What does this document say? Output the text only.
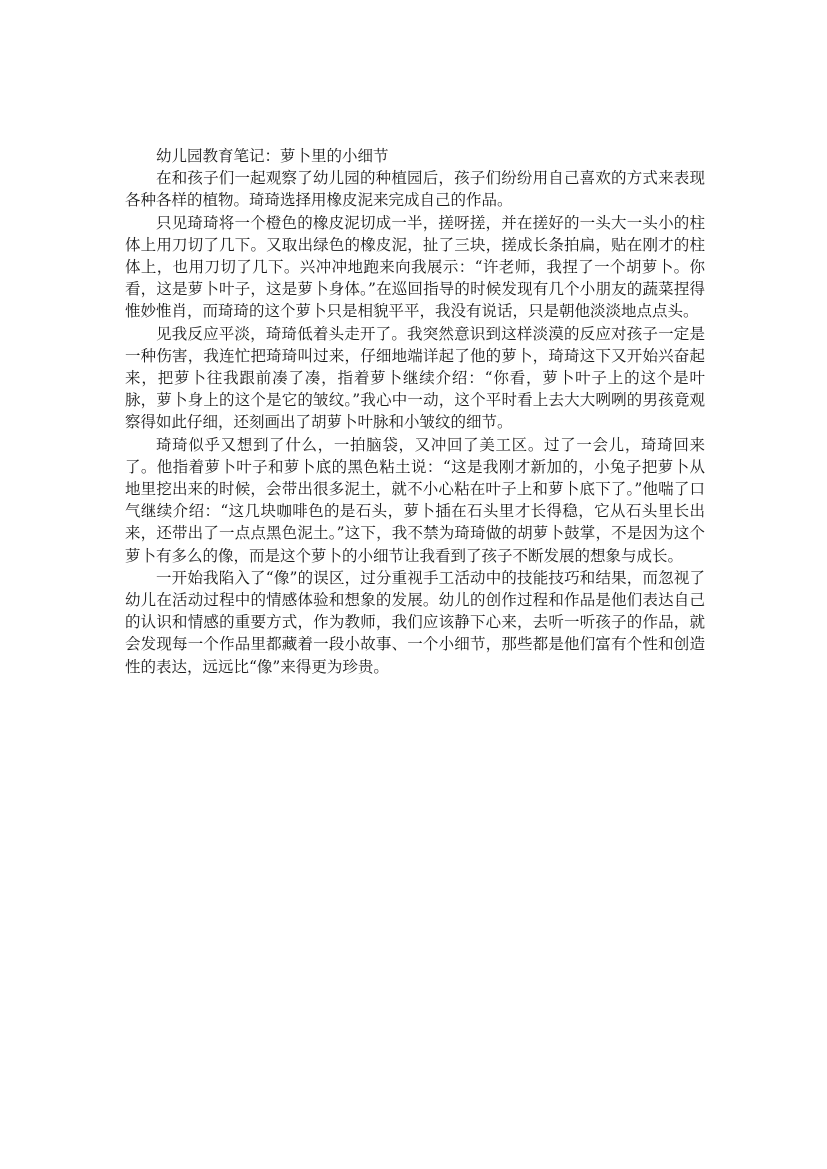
幼儿园教育笔记：萝卜里的小细节

在和孩子们一起观察了幼儿园的种植园后，孩子们纷纷用自己喜欢的方式来表现各种各样的植物。琦琦选择用橡皮泥来完成自己的作品。

只见琦琦将一个橙色的橡皮泥切成一半，搓呀搓，并在搓好的一头大一头小的柱体上用刀切了几下。又取出绿色的橡皮泥，扯了三块，搓成长条拍扁，贴在刚才的柱体上，也用刀切了几下。兴冲冲地跑来向我展示：“许老师，我捏了一个胡萝卜。你看，这是萝卜叶子，这是萝卜身体。”在巡回指导的时候发现有几个小朋友的蔬菜捏得惟妙惟肖，而琦琦的这个萝卜只是相貌平平，我没有说话，只是朝他淡淡地点点头。

见我反应平淡，琦琦低着头走开了。我突然意识到这样淡漠的反应对孩子一定是一种伤害，我连忙把琦琦叫过来，仔细地端详起了他的萝卜，琦琦这下又开始兴奋起来，把萝卜往我跟前凑了凑，指着萝卜继续介绍：“你看，萝卜叶子上的这个是叶脉，萝卜身上的这个是它的皱纹。”我心中一动，这个平时看上去大大咧咧的男孩竟观察得如此仔细，还刻画出了胡萝卜叶脉和小皱纹的细节。

琦琦似乎又想到了什么，一拍脑袋，又冲回了美工区。过了一会儿，琦琦回来了。他指着萝卜叶子和萝卜底的黑色粘土说：“这是我刚才新加的，小兔子把萝卜从地里挖出来的时候，会带出很多泥土，就不小心粘在叶子上和萝卜底下了。”他喘了口气继续介绍：“这几块咖啡色的是石头，萝卜插在石头里才长得稳，它从石头里长出来，还带出了一点点黑色泥土。”这下，我不禁为琦琦做的胡萝卜鼓掌，不是因为这个萝卜有多么的像，而是这个萝卜的小细节让我看到了孩子不断发展的想象与成长。

一开始我陷入了“像”的误区，过分重视手工活动中的技能技巧和结果，而忽视了幼儿在活动过程中的情感体验和想象的发展。幼儿的创作过程和作品是他们表达自己的认识和情感的重要方式，作为教师，我们应该静下心来，去听一听孩子的作品，就会发现每一个作品里都藏着一段小故事、一个小细节，那些都是他们富有个性和创造性的表达，远远比“像”来得更为珍贵。
